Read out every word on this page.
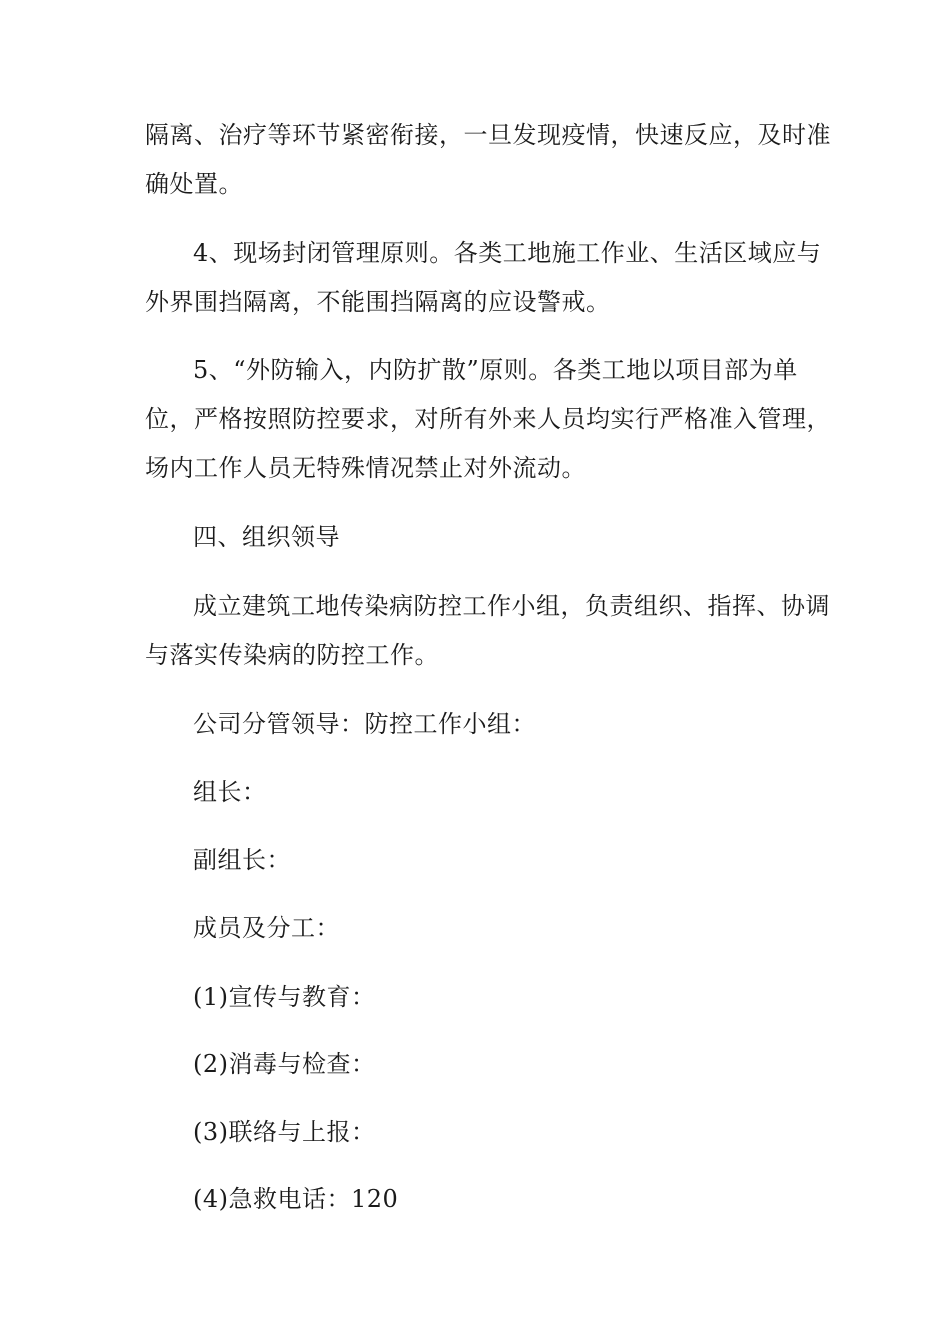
隔离、治疗等环节紧密衔接，一旦发现疫情，快速反应，及时准
确处置。
4、现场封闭管理原则。各类工地施工作业、生活区域应与
外界围挡隔离，不能围挡隔离的应设警戒。
5、“外防输入，内防扩散”原则。各类工地以项目部为单
位，严格按照防控要求，对所有外来人员均实行严格准入管理，
场内工作人员无特殊情况禁止对外流动。
四、组织领导
成立建筑工地传染病防控工作小组，负责组织、指挥、协调
与落实传染病的防控工作。
公司分管领导：防控工作小组：
组长：
副组长：
成员及分工：
(1)宣传与教育：
(2)消毒与检查：
(3)联络与上报：
(4)急救电话：120
